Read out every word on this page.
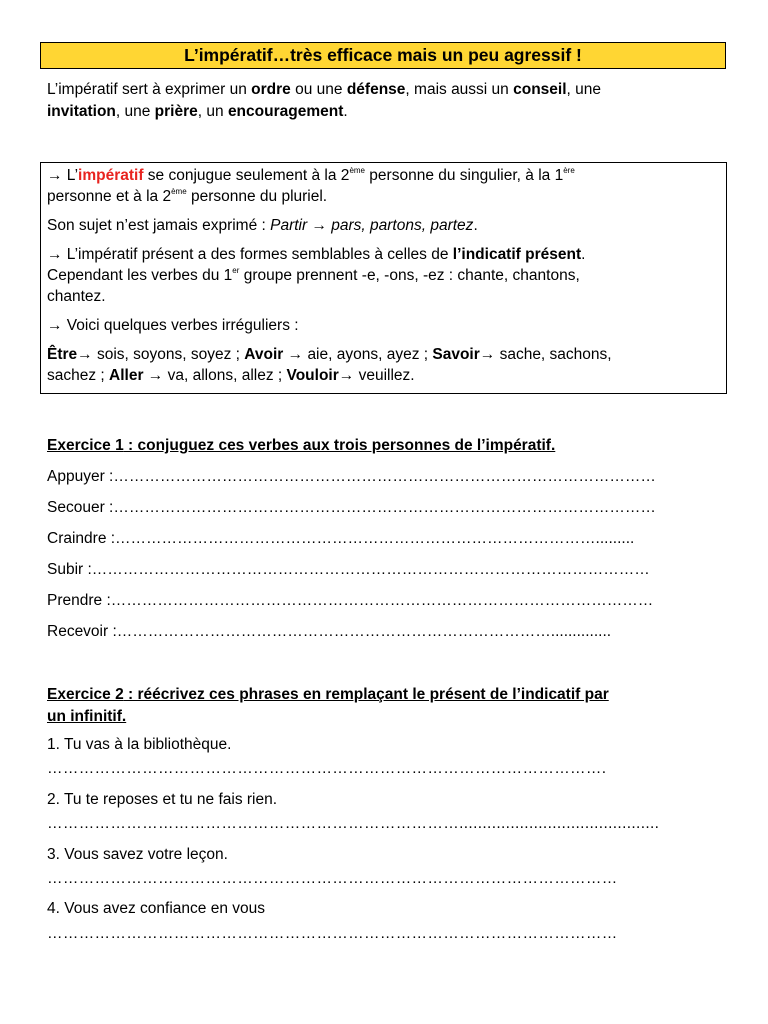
L’impératif…très efficace mais un peu agressif !
L’impératif sert à exprimer un ordre ou une défense, mais aussi un conseil, une
invitation, une prière, un encouragement.

→ L’impératif se conjugue seulement à la 2ème personne du singulier, à la 1ère
personne et à la 2ème personne du pluriel.

Son sujet n’est jamais exprimé : Partir → pars, partons, partez.

→ L’impératif présent a des formes semblables à celles de l’indicatif présent.
Cependant les verbes du 1er groupe prennent -e, -ons, -ez : chante, chantons,
chantez.

→ Voici quelques verbes irréguliers :

Être→ sois, soyons, soyez ; Avoir → aie, ayons, ayez ; Savoir→ sache, sachons,
sachez ; Aller → va, allons, allez ; Vouloir→ veuillez.

Exercice 1 : conjuguez ces verbes aux trois personnes de l’impératif.
Appuyer :……………………………………………………………………………………………
Secouer :……………………………………………………………………………………………
Craindre :………………………………………………………………………………….........
Subir :………………………………………………………………………………………………
Prendre :……………………………………………………………………………………………
Recevoir :…………………………………………………………………………..............
Exercice 2 : réécrivez ces phrases en remplaçant le présent de l’indicatif par
un infinitif.
1. Tu vas à la bibliothèque.
…………………………………………………………………………………………….
2. Tu te reposes et tu ne fais rien.
……………………………………………………………………...........................................
3. Vous savez votre leçon.
………………………………………………………………………………………………
4. Vous avez confiance en vous
………………………………………………………………………………………………
